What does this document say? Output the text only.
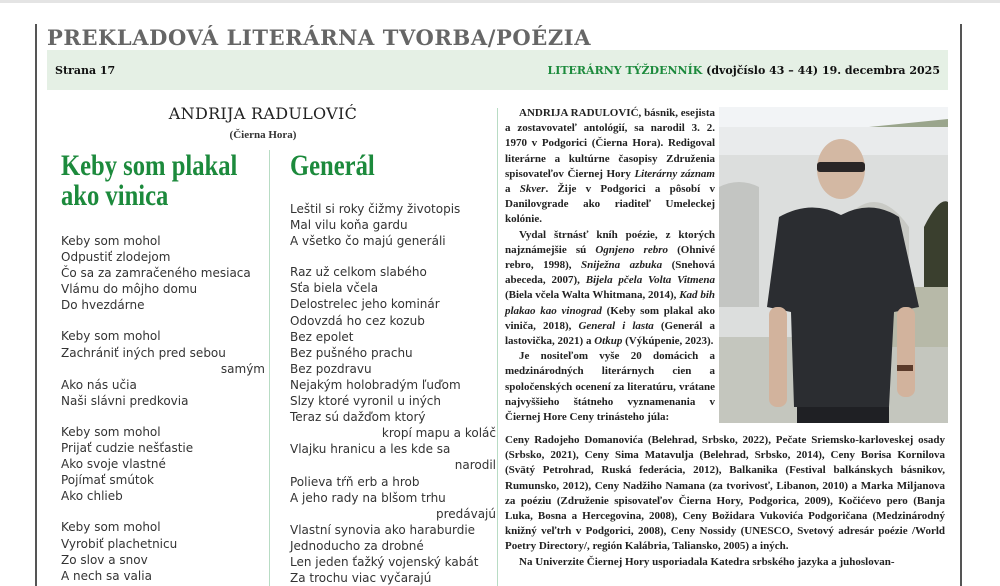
PREKLADOVÁ LITERÁRNA TVORBA/POÉZIA
Strana 17	LITERÁRNY TÝŽDENNÍK (dvojčíslo 43 – 44) 19. decembra 2025
ANDRIJA RADULOVIĆ
(Čierna Hora)
Keby som plakal
ako vinica
Generál
Keby som mohol
Odpustiť zlodejom
Čo sa za zamračeného mesiaca
Vlámu do môjho domu
Do hvezdárne
Keby som mohol
Zachrániť iných pred sebou
samým
Ako nás učia
Naši slávni predkovia
Keby som mohol
Prijať cudzie nešťastie
Ako svoje vlastné
Pojímať smútok
Ako chlieb
Keby som mohol
Vyrobiť plachetnicu
Zo slov a snov
A nech sa valia
Leštil si roky čižmy životopis
Mal vilu koňa gardu
A všetko čo majú generáli
Raz už celkom slabého
Sťa biela včela
Delostrelec jeho kominár
Odovzdá ho cez kozub
Bez epolet
Bez pušného prachu
Bez pozdravu
Nejakým holobradým ľuďom
Slzy ktoré vyronil u iných
Teraz sú dažďom ktorý
kropí mapu a koláč
Vlajku hranicu a les kde sa
narodil
Polieva tŕň erb a hrob
A jeho rady na blšom trhu
predávajú
Vlastní synovia ako haraburdie
Jednoducho za drobné
Len jeden ťažký vojenský kabát
Za trochu viac vyčarajú

ANDRIJA RADULOVIĆ, básnik, esejista a zostavovateľ antológií, sa narodil 3. 2. 1970 v Podgorici (Čierna Hora). Redigoval literárne a kultúrne časopisy Združenia spisovateľov Čiernej Hory Literárny záznam a Skver. Žije v Podgorici a pôsobí v Danilovgrade ako riaditeľ Umeleckej kolónie.

Vydal štrnásť kníh poézie, z ktorých najznámejšie sú Ognjeno rebro (Ohnivé rebro, 1998), Sniježna azbuka (Snehová abeceda, 2007), Bijela pčela Volta Vitmena (Biela včela Walta Whitmana, 2014), Kad bih plakao kao vinograd (Keby som plakal ako viniča, 2018), General i lasta (Generál a lastovička, 2021) a Otkup (Výkúpenie, 2023).

Je nositeľom vyše 20 domácich a medzinárodných literárnych cien a spoločenských ocenení za literatúru, vrátane najvyššieho štátneho vyznamenania v Čiernej Hore Ceny trinásteho júla:

Ceny Radojeho Domanovića (Belehrad, Srbsko, 2022), Pečate Sriemsko-karloveskej osady (Srbsko, 2021), Ceny Sima Matavulja (Belehrad, Srbsko, 2014), Ceny Borisa Kornilova (Svätý Petrohrad, Ruská federácia, 2012), Balkanika (Festival balkánskych básnikov, Rumunsko, 2012), Ceny Nadžiho Namana (za tvorivosť, Libanon, 2010) a Marka Miljanova za poéziu (Združenie spisovateľov Čierna Hory, Podgorica, 2009), Kočićevo pero (Banja Luka, Bosna a Hercegovina, 2008), Ceny Božidara Vukovića Podgoričana (Medzinárodný knižný veľtrh v Podgorici, 2008), Ceny Nossidy (UNESCO, Svetový adresár poézie /World Poetry Directory/, región Kalábria, Taliansko, 2005) a iných.

Na Univerzite Čiernej Hory usporiadala Katedra srbského jazyka a juhoslovan-
